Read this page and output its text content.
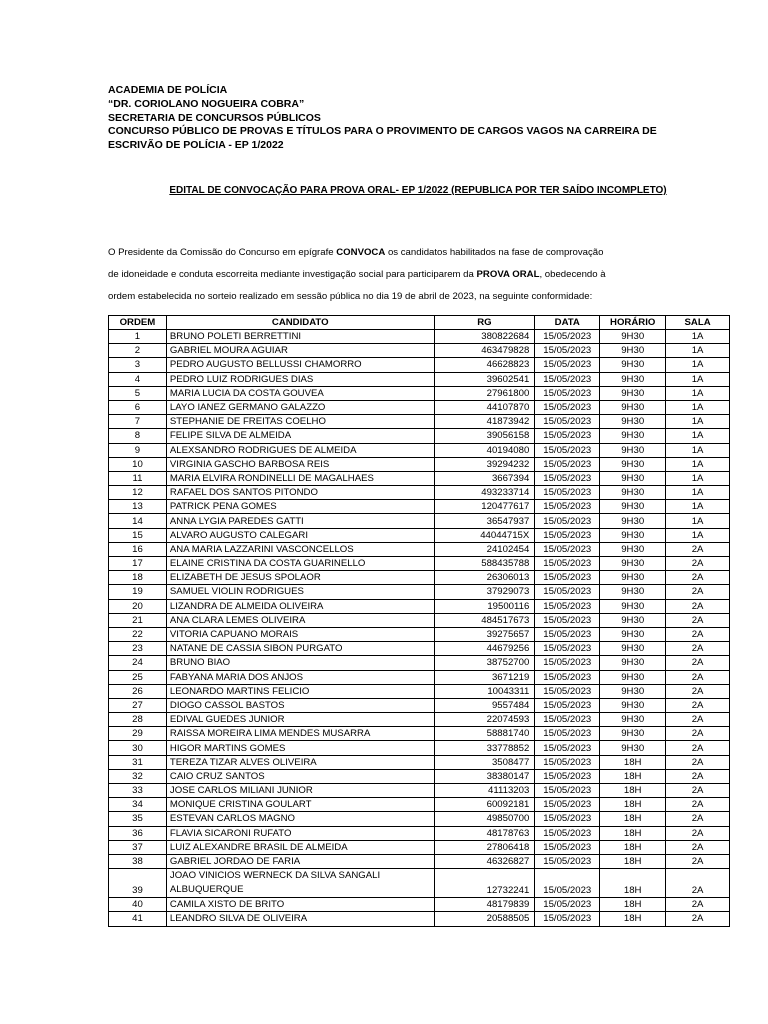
ACADEMIA DE POLÍCIA
“DR. CORIOLANO NOGUEIRA COBRA”
SECRETARIA DE CONCURSOS PÚBLICOS
CONCURSO PÚBLICO DE PROVAS E TÍTULOS PARA O PROVIMENTO DE CARGOS VAGOS NA CARREIRA DE
ESCRIVÃO DE POLÍCIA - EP 1/2022
EDITAL DE CONVOCAÇÃO PARA PROVA ORAL- EP 1/2022 (REPUBLICA POR TER SAÍDO INCOMPLETO)
O Presidente da Comissão do Concurso em epígrafe CONVOCA os candidatos habilitados na fase de comprovação
de idoneidade e conduta escorreita mediante investigação social para participarem da PROVA ORAL, obedecendo à
ordem estabelecida no sorteio realizado em sessão pública no dia 19 de abril de 2023, na seguinte conformidade:
ORDEM	CANDIDATO	RG	DATA	HORÁRIO	SALA
1	BRUNO POLETI BERRETTINI	380822684	15/05/2023	9H30	1A
2	GABRIEL MOURA AGUIAR	463479828	15/05/2023	9H30	1A
3	PEDRO AUGUSTO BELLUSSI CHAMORRO	46628823	15/05/2023	9H30	1A
4	PEDRO LUIZ RODRIGUES DIAS	39602541	15/05/2023	9H30	1A
5	MARIA LUCIA DA COSTA GOUVEA	27961800	15/05/2023	9H30	1A
6	LAYO IANEZ GERMANO GALAZZO	44107870	15/05/2023	9H30	1A
7	STEPHANIE DE FREITAS COELHO	41873942	15/05/2023	9H30	1A
8	FELIPE SILVA DE ALMEIDA	39056158	15/05/2023	9H30	1A
9	ALEXSANDRO RODRIGUES DE ALMEIDA	40194080	15/05/2023	9H30	1A
10	VIRGINIA GASCHO BARBOSA REIS	39294232	15/05/2023	9H30	1A
11	MARIA ELVIRA RONDINELLI DE MAGALHAES	3667394	15/05/2023	9H30	1A
12	RAFAEL DOS SANTOS PITONDO	493233714	15/05/2023	9H30	1A
13	PATRICK PENA GOMES	120477617	15/05/2023	9H30	1A
14	ANNA LYGIA PAREDES GATTI	36547937	15/05/2023	9H30	1A
15	ALVARO AUGUSTO CALEGARI	44044715X	15/05/2023	9H30	1A
16	ANA MARIA LAZZARINI VASCONCELLOS	24102454	15/05/2023	9H30	2A
17	ELAINE CRISTINA DA COSTA GUARINELLO	588435788	15/05/2023	9H30	2A
18	ELIZABETH DE JESUS SPOLAOR	26306013	15/05/2023	9H30	2A
19	SAMUEL VIOLIN RODRIGUES	37929073	15/05/2023	9H30	2A
20	LIZANDRA DE ALMEIDA OLIVEIRA	19500116	15/05/2023	9H30	2A
21	ANA CLARA LEMES OLIVEIRA	484517673	15/05/2023	9H30	2A
22	VITORIA CAPUANO MORAIS	39275657	15/05/2023	9H30	2A
23	NATANE DE CASSIA SIBON PURGATO	44679256	15/05/2023	9H30	2A
24	BRUNO BIAO	38752700	15/05/2023	9H30	2A
25	FABYANA MARIA DOS ANJOS	3671219	15/05/2023	9H30	2A
26	LEONARDO MARTINS FELICIO	10043311	15/05/2023	9H30	2A
27	DIOGO CASSOL BASTOS	9557484	15/05/2023	9H30	2A
28	EDIVAL GUEDES JUNIOR	22074593	15/05/2023	9H30	2A
29	RAISSA MOREIRA LIMA MENDES MUSARRA	58881740	15/05/2023	9H30	2A
30	HIGOR MARTINS GOMES	33778852	15/05/2023	9H30	2A
31	TEREZA TIZAR ALVES OLIVEIRA	3508477	15/05/2023	18H	2A
32	CAIO CRUZ SANTOS	38380147	15/05/2023	18H	2A
33	JOSE CARLOS MILIANI JUNIOR	41113203	15/05/2023	18H	2A
34	MONIQUE CRISTINA GOULART	60092181	15/05/2023	18H	2A
35	ESTEVAN CARLOS MAGNO	49850700	15/05/2023	18H	2A
36	FLAVIA SICARONI RUFATO	48178763	15/05/2023	18H	2A
37	LUIZ ALEXANDRE BRASIL DE ALMEIDA	27806418	15/05/2023	18H	2A
38	GABRIEL JORDAO DE FARIA	46326827	15/05/2023	18H	2A
39	JOAO VINICIOS WERNECK DA SILVA SANGALI ALBUQUERQUE	12732241	15/05/2023	18H	2A
40	CAMILA XISTO DE BRITO	48179839	15/05/2023	18H	2A
41	LEANDRO SILVA DE OLIVEIRA	20588505	15/05/2023	18H	2A
